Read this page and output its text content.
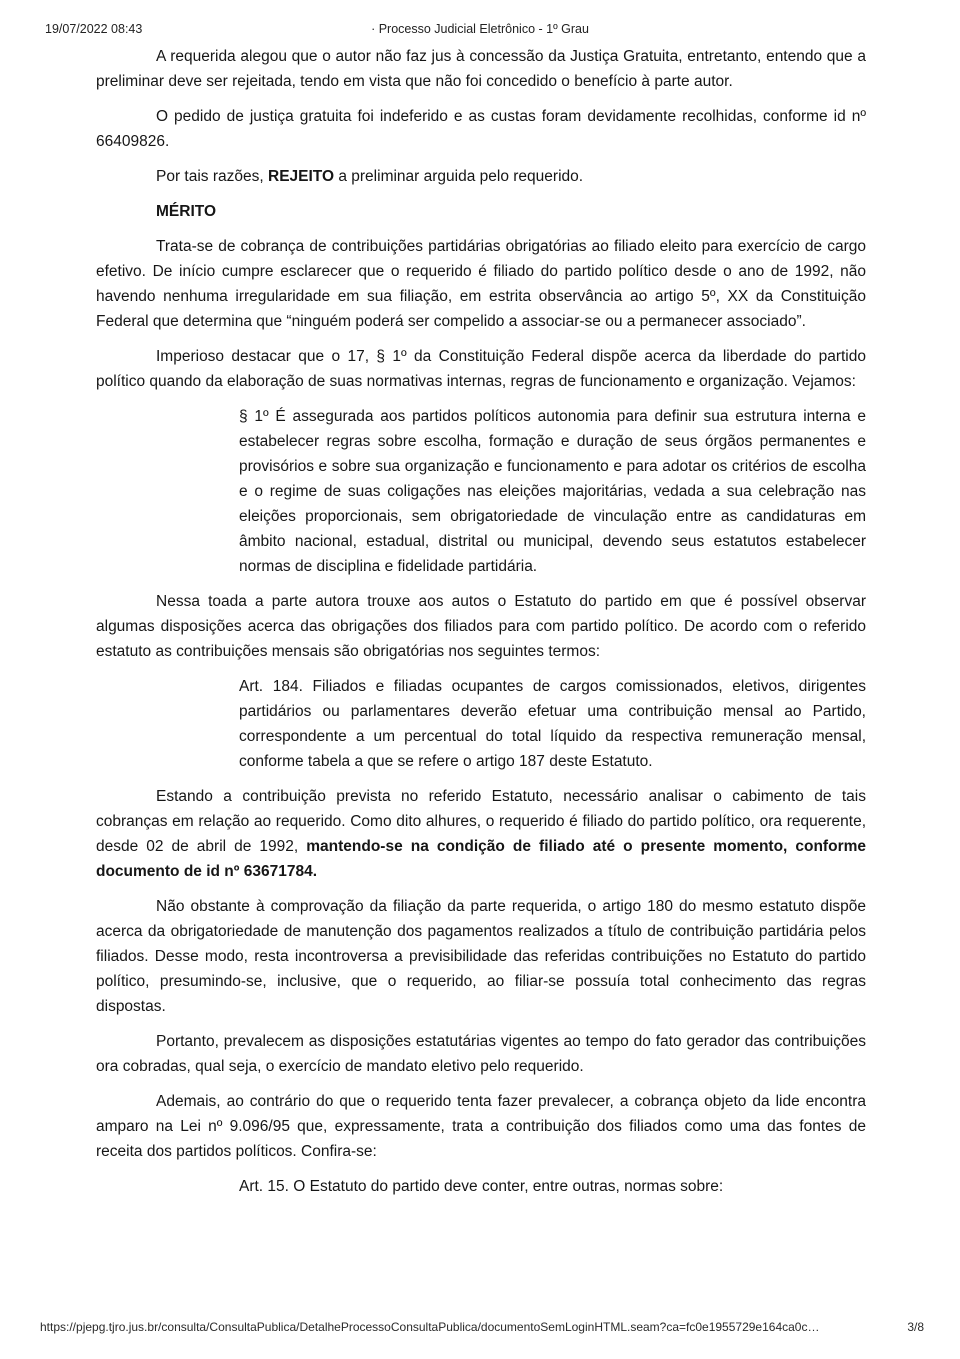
19/07/2022 08:43	· Processo Judicial Eletrônico - 1º Grau

A requerida alegou que o autor não faz jus à concessão da Justiça Gratuita, entretanto, entendo que a preliminar deve ser rejeitada, tendo em vista que não foi concedido o benefício à parte autor.

O pedido de justiça gratuita foi indeferido e as custas foram devidamente recolhidas, conforme id nº 66409826.

Por tais razões, REJEITO a preliminar arguida pelo requerido.

MÉRITO

Trata-se de cobrança de contribuições partidárias obrigatórias ao filiado eleito para exercício de cargo efetivo. De início cumpre esclarecer que o requerido é filiado do partido político desde o ano de 1992, não havendo nenhuma irregularidade em sua filiação, em estrita observância ao artigo 5º, XX da Constituição Federal que determina que “ninguém poderá ser compelido a associar-se ou a permanecer associado”.

Imperioso destacar que o 17, § 1º da Constituição Federal dispõe acerca da liberdade do partido político quando da elaboração de suas normativas internas, regras de funcionamento e organização. Vejamos:

§ 1º É assegurada aos partidos políticos autonomia para definir sua estrutura interna e estabelecer regras sobre escolha, formação e duração de seus órgãos permanentes e provisórios e sobre sua organização e funcionamento e para adotar os critérios de escolha e o regime de suas coligações nas eleições majoritárias, vedada a sua celebração nas eleições proporcionais, sem obrigatoriedade de vinculação entre as candidaturas em âmbito nacional, estadual, distrital ou municipal, devendo seus estatutos estabelecer normas de disciplina e fidelidade partidária.

Nessa toada a parte autora trouxe aos autos o Estatuto do partido em que é possível observar algumas disposições acerca das obrigações dos filiados para com partido político. De acordo com o referido estatuto as contribuições mensais são obrigatórias nos seguintes termos:

Art. 184. Filiados e filiadas ocupantes de cargos comissionados, eletivos, dirigentes partidários ou parlamentares deverão efetuar uma contribuição mensal ao Partido, correspondente a um percentual do total líquido da respectiva remuneração mensal, conforme tabela a que se refere o artigo 187 deste Estatuto.

Estando a contribuição prevista no referido Estatuto, necessário analisar o cabimento de tais cobranças em relação ao requerido. Como dito alhures, o requerido é filiado do partido político, ora requerente, desde 02 de abril de 1992, mantendo-se na condição de filiado até o presente momento, conforme documento de id nº 63671784.

Não obstante à comprovação da filiação da parte requerida, o artigo 180 do mesmo estatuto dispõe acerca da obrigatoriedade de manutenção dos pagamentos realizados a título de contribuição partidária pelos filiados. Desse modo, resta incontroversa a previsibilidade das referidas contribuições no Estatuto do partido político, presumindo-se, inclusive, que o requerido, ao filiar-se possuía total conhecimento das regras dispostas.

Portanto, prevalecem as disposições estatutárias vigentes ao tempo do fato gerador das contribuições ora cobradas, qual seja, o exercício de mandato eletivo pelo requerido.

Ademais, ao contrário do que o requerido tenta fazer prevalecer, a cobrança objeto da lide encontra amparo na Lei nº 9.096/95 que, expressamente, trata a contribuição dos filiados como uma das fontes de receita dos partidos políticos. Confira-se:

Art. 15. O Estatuto do partido deve conter, entre outras, normas sobre:

https://pjepg.tjro.jus.br/consulta/ConsultaPublica/DetalheProcessoConsultaPublica/documentoSemLoginHTML.seam?ca=fc0e1955729e164ca0c…	3/8
